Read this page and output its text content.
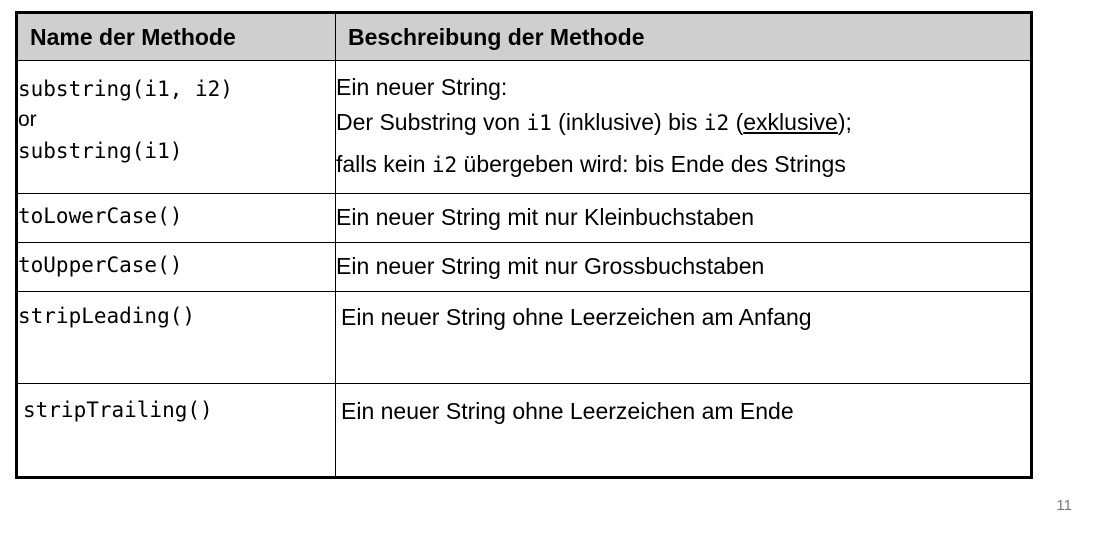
Name der Methode	Beschreibung der Methode

substring(i1, i2)
or
substring(i1)	Ein neuer String:
Der Substring von i1 (inklusive) bis i2 (exklusive);
falls kein i2 übergeben wird: bis Ende des Strings

toLowerCase()	Ein neuer String mit nur Kleinbuchstaben
toUpperCase()	Ein neuer String mit nur Grossbuchstaben
stripLeading()	Ein neuer String ohne Leerzeichen am Anfang
stripTrailing()	Ein neuer String ohne Leerzeichen am Ende
11
